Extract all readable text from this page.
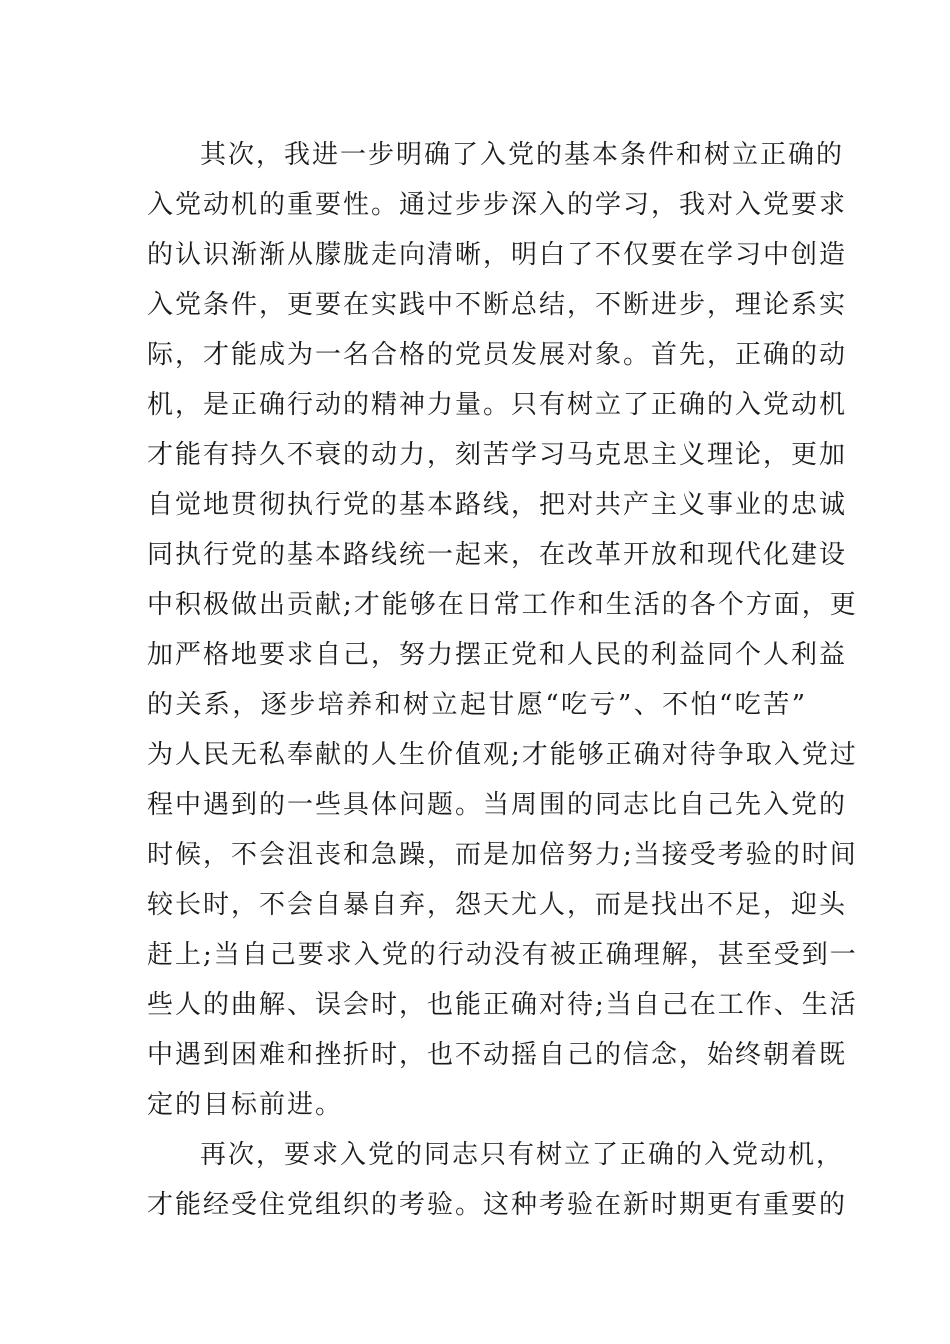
其次，我进一步明确了入党的基本条件和树立正确的
入党动机的重要性。通过步步深入的学习，我对入党要求
的认识渐渐从朦胧走向清晰，明白了不仅要在学习中创造
入党条件，更要在实践中不断总结，不断进步，理论系实
际，才能成为一名合格的党员发展对象。首先，正确的动
机，是正确行动的精神力量。只有树立了正确的入党动机
才能有持久不衰的动力，刻苦学习马克思主义理论，更加
自觉地贯彻执行党的基本路线，把对共产主义事业的忠诚
同执行党的基本路线统一起来，在改革开放和现代化建设
中积极做出贡献;才能够在日常工作和生活的各个方面，更
加严格地要求自己，努力摆正党和人民的利益同个人利益
的关系，逐步培养和树立起甘愿“吃亏”、不怕“吃苦”
为人民无私奉献的人生价值观;才能够正确对待争取入党过
程中遇到的一些具体问题。当周围的同志比自己先入党的
时候，不会沮丧和急躁，而是加倍努力;当接受考验的时间
较长时，不会自暴自弃，怨天尤人，而是找出不足，迎头
赶上;当自己要求入党的行动没有被正确理解，甚至受到一
些人的曲解、误会时，也能正确对待;当自己在工作、生活
中遇到困难和挫折时，也不动摇自己的信念，始终朝着既
定的目标前进。
再次，要求入党的同志只有树立了正确的入党动机，
才能经受住党组织的考验。这种考验在新时期更有重要的
